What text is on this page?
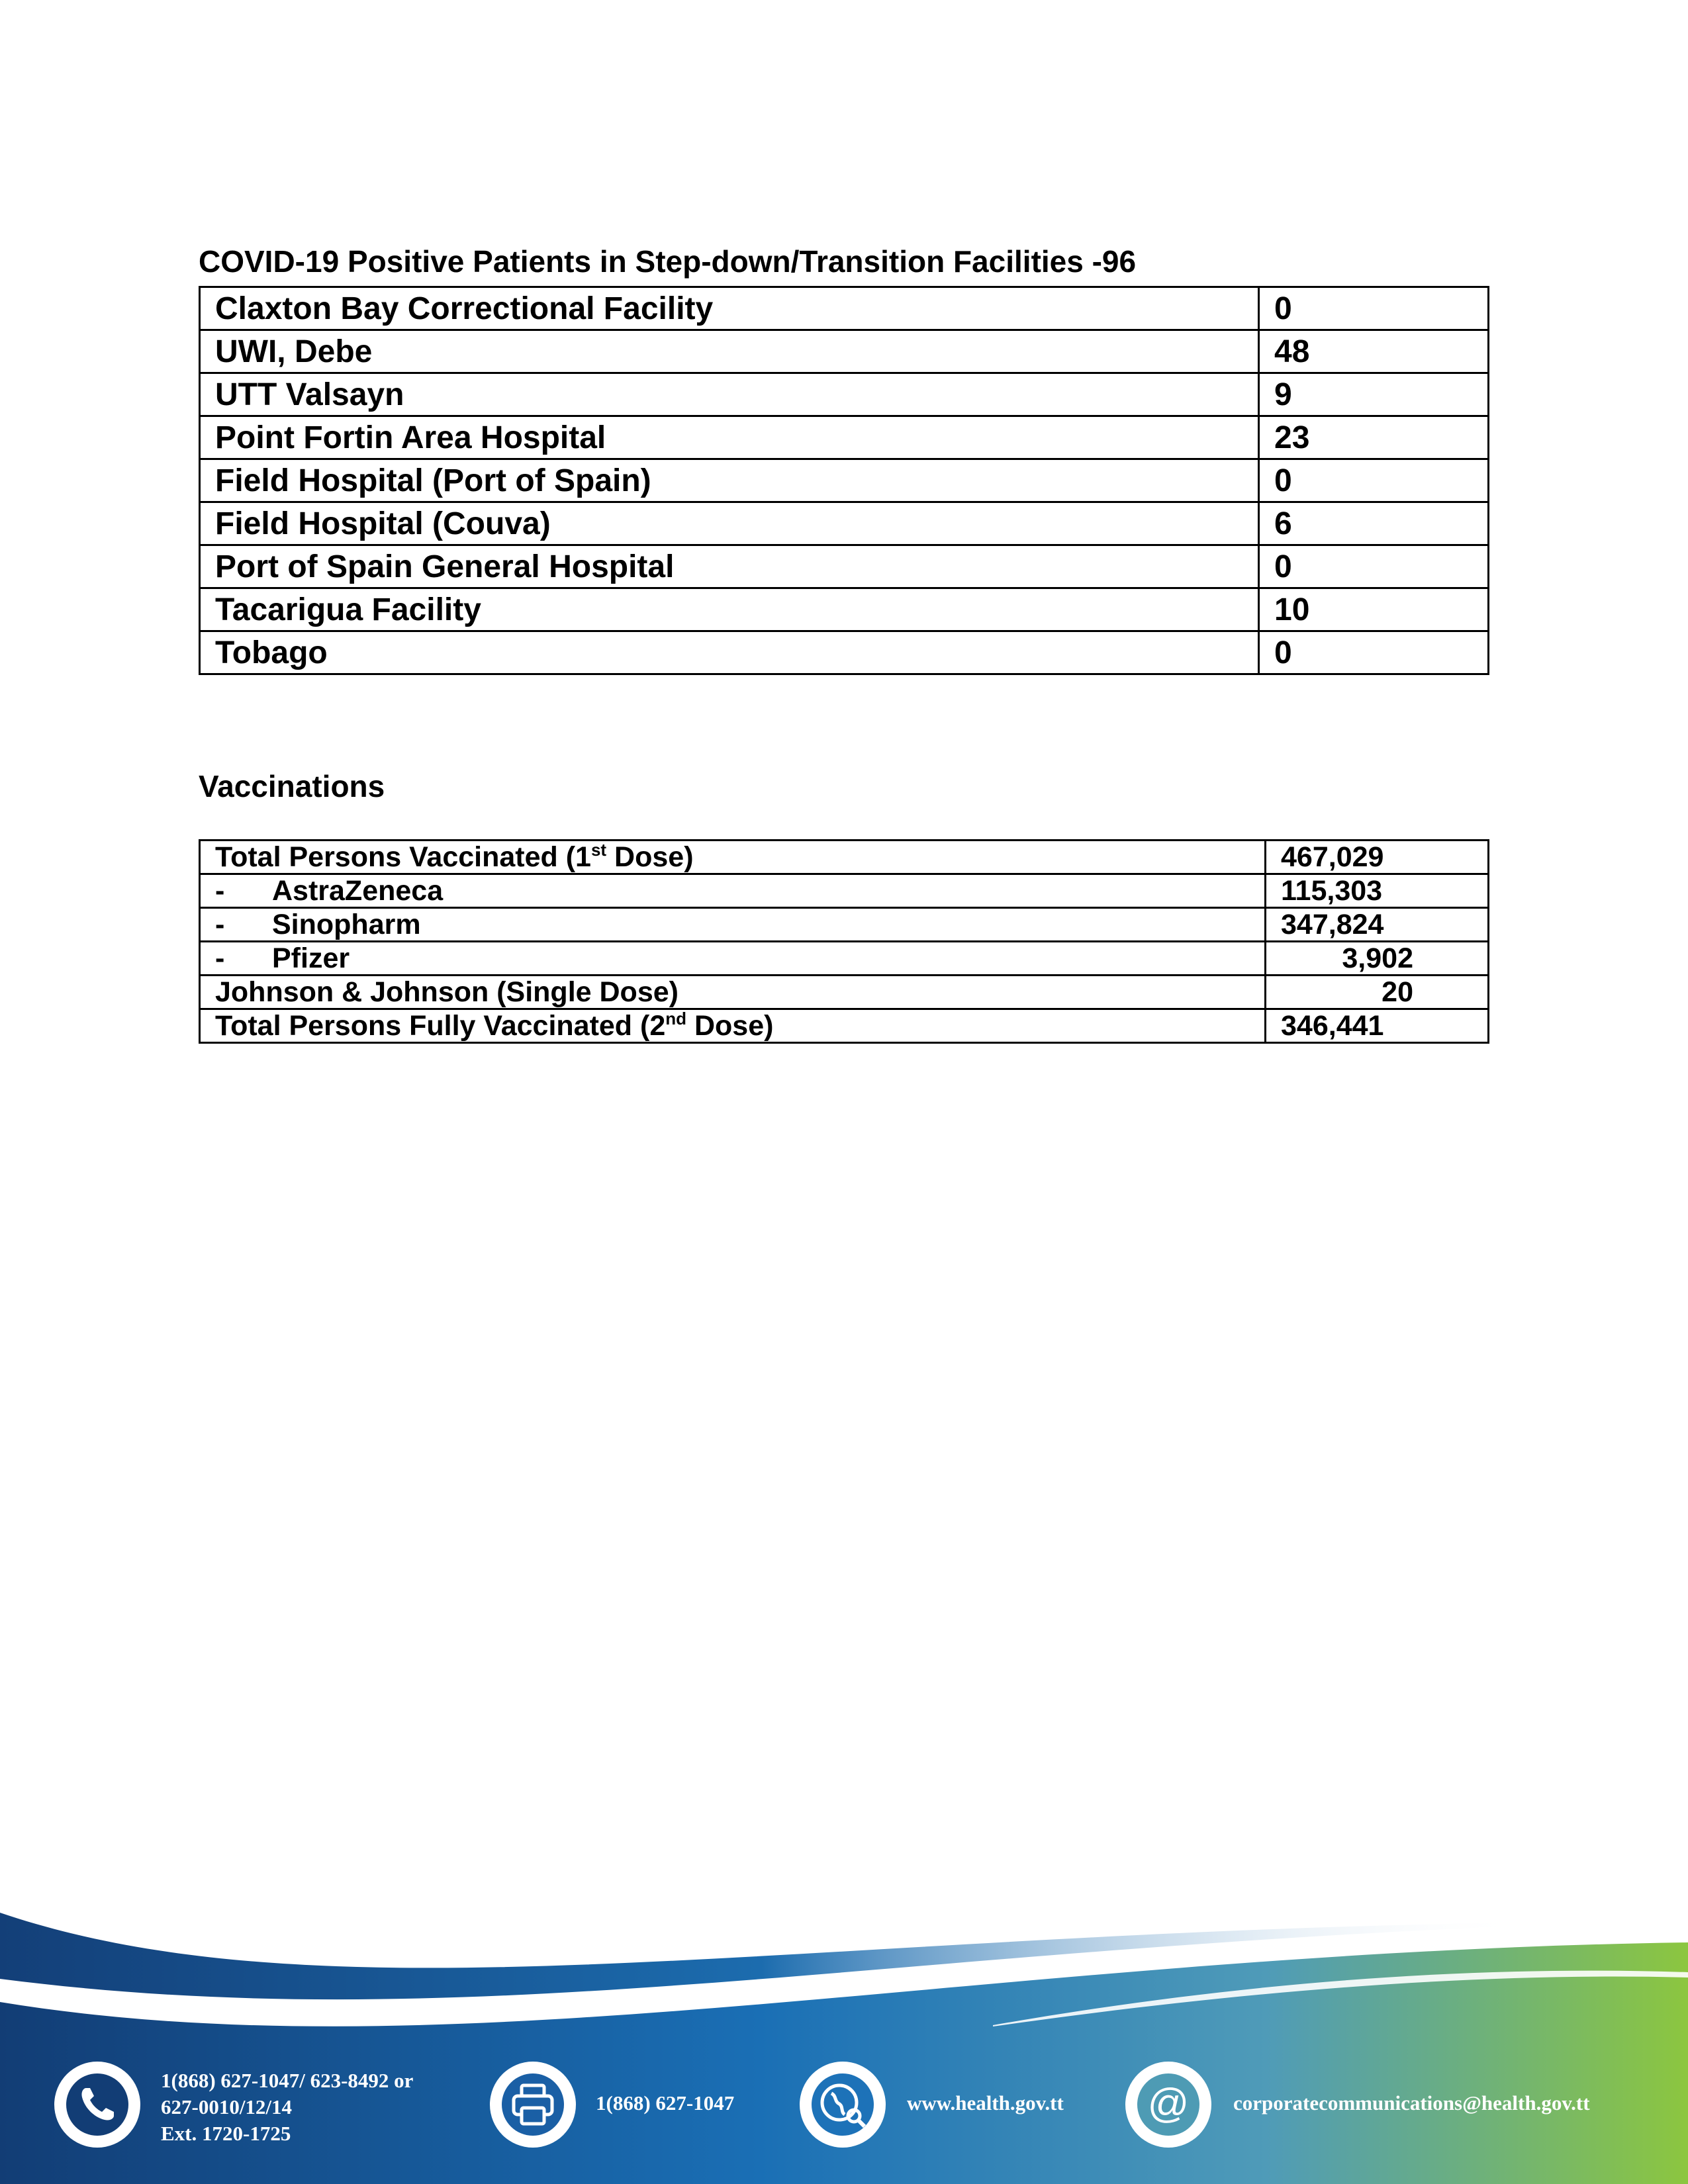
COVID-19 Positive Patients in Step-down/Transition Facilities -96
Claxton Bay Correctional Facility	0
UWI, Debe	48
UTT Valsayn	9
Point Fortin Area Hospital	23
Field Hospital (Port of Spain)	0
Field Hospital (Couva)	6
Port of Spain General Hospital	0
Tacarigua Facility	10
Tobago	0
Vaccinations
Total Persons Vaccinated (1st Dose)	467,029
- AstraZeneca	115,303
- Sinopharm	347,824
- Pfizer	3,902
Johnson & Johnson (Single Dose)	20
Total Persons Fully Vaccinated (2nd Dose)	346,441
1(868) 627-1047/ 623-8492 or
627-0010/12/14
Ext. 1720-1725
1(868) 627-1047	www.health.gov.tt @ corporatecommunications@health.gov.tt
